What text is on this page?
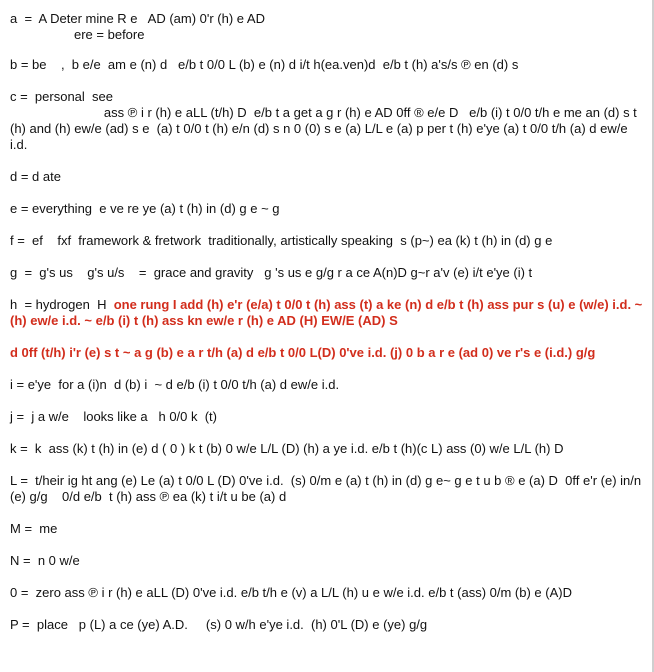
a  =  A Deter mine R e   AD (am) 0'r (h) e AD
ere = before
b = be    ,  b e/e  am e (n) d   e/b t 0/0 L (b) e (n) d i/t h(ea.ven)d  e/b t (h) a's/s ℗ en (d) s
c =  personal  see
ass ℗ i r (h) e aLL (t/h) D  e/b t a get a g r (h) e AD 0ff ® e/e D   e/b (i) t 0/0 t/h e me an (d) s t (h) and (h) ew/e (ad) s e  (a) t 0/0 t (h) e/n (d) s n 0 (0) s e (a) L/L e (a) p per t (h) e'ye (a) t 0/0 t/h (a) d ew/e i.d.
d = d ate
e = everything  e ve re ye (a) t (h) in (d) g e ~ g
f =  ef    fxf  framework & fretwork  traditionally, artistically speaking  s (p~) ea (k) t (h) in (d) g e
g  =  g's us    g's u/s    =  grace and gravity   g 's us e g/g r a ce A(n)D g~r a'v (e) i/t e'ye (i) t
h  = hydrogen  H  one rung I add (h) e'r (e/a) t 0/0 t (h) ass (t) a ke (n) d e/b t (h) ass pur s (u) e (w/e) i.d. ~ (h) ew/e i.d. ~ e/b (i) t (h) ass kn ew/e r (h) e AD (H) EW/E (AD) S
d 0ff (t/h) i'r (e) s t ~ a g (b) e a r t/h (a) d e/b t 0/0 L(D) 0've i.d. (j) 0 b a r e (ad 0) ve r's e (i.d.) g/g
i = e'ye  for a (i)n  d (b) i  ~ d e/b (i) t 0/0 t/h (a) d ew/e i.d.
j =  j a w/e    looks like a   h 0/0 k  (t)
k =  k  ass (k) t (h) in (e) d ( 0 ) k t (b) 0 w/e L/L (D) (h) a ye i.d. e/b t (h)(c L) ass (0) w/e L/L (h) D
L =  t/heir ig ht ang (e) Le (a) t 0/0 L (D) 0've i.d.  (s) 0/m e (a) t (h) in (d) g e~ g e t u b ® e (a) D  0ff e'r (e) in/n (e) g/g    0/d e/b  t (h) ass ℗ ea (k) t i/t u be (a) d
M =  me
N =  n 0 w/e
0 =  zero ass ℗ i r (h) e aLL (D) 0've i.d. e/b t/h e (v) a L/L (h) u e w/e i.d. e/b t (ass) 0/m (b) e (A)D
P =  place   p (L) a ce (ye) A.D.     (s) 0 w/h e'ye i.d.  (h) 0'L (D) e (ye) g/g
